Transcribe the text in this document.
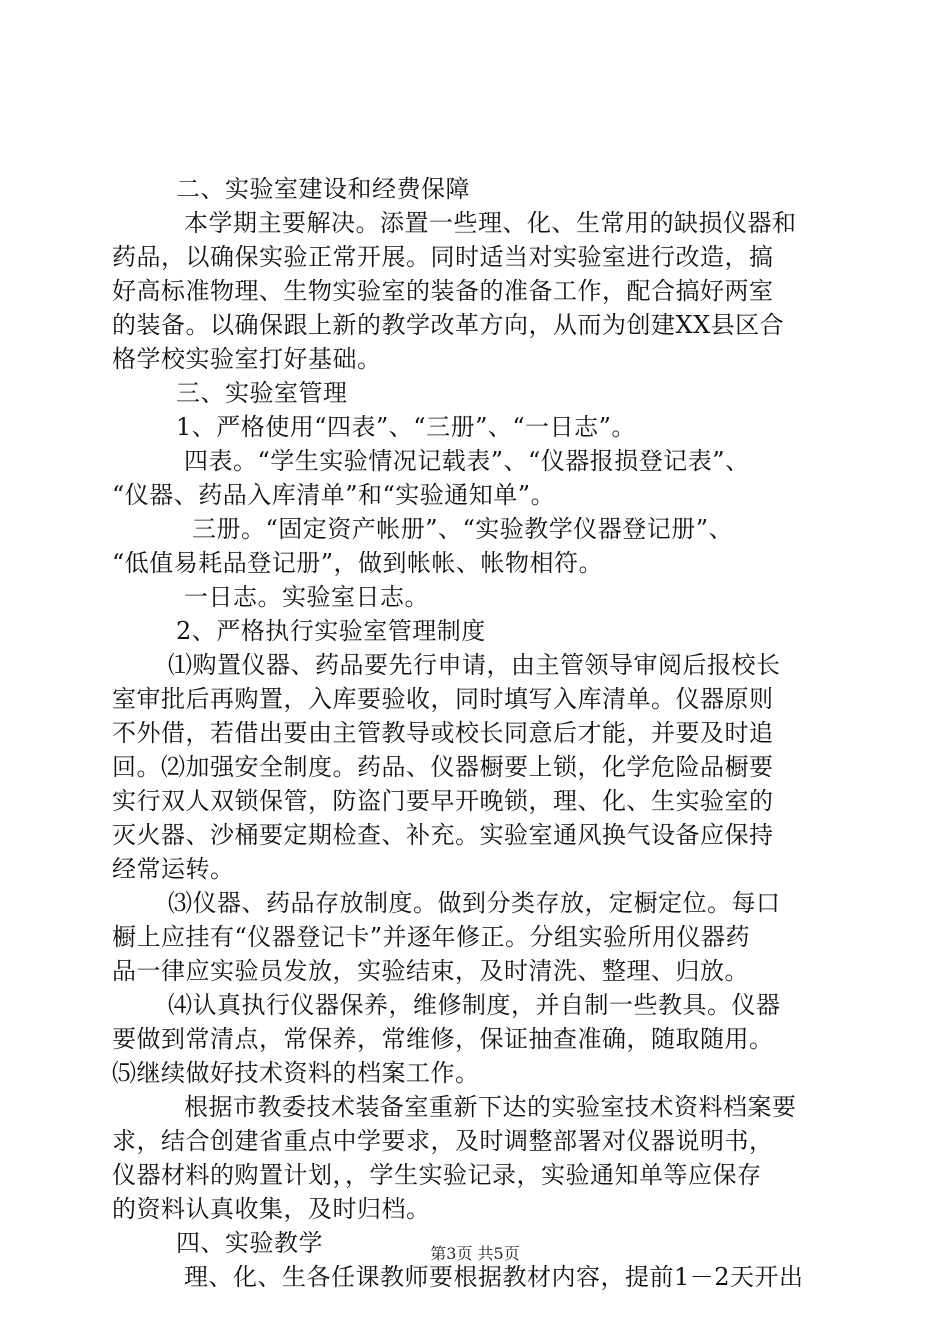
二、实验室建设和经费保障
本学期主要解决。添置一些理、化、生常用的缺损仪器和
药品，以确保实验正常开展。同时适当对实验室进行改造，搞
好高标准物理、生物实验室的装备的准备工作，配合搞好两室
的装备。以确保跟上新的教学改革方向，从而为创建XX县区合
格学校实验室打好基础。
三、实验室管理
1、严格使用“四表”、“三册”、“一日志”。
四表。“学生实验情况记载表”、“仪器报损登记表”、
“仪器、药品入库清单”和“实验通知单”。
三册。“固定资产帐册”、“实验教学仪器登记册”、
“低值易耗品登记册”，做到帐帐、帐物相符。
一日志。实验室日志。
2、严格执行实验室管理制度
⑴购置仪器、药品要先行申请，由主管领导审阅后报校长
室审批后再购置，入库要验收，同时填写入库清单。仪器原则
不外借，若借出要由主管教导或校长同意后才能，并要及时追
回。⑵加强安全制度。药品、仪器橱要上锁，化学危险品橱要
实行双人双锁保管，防盗门要早开晚锁，理、化、生实验室的
灭火器、沙桶要定期检查、补充。实验室通风换气设备应保持
经常运转。
⑶仪器、药品存放制度。做到分类存放，定橱定位。每口
橱上应挂有“仪器登记卡”并逐年修正。分组实验所用仪器药
品一律应实验员发放，实验结束，及时清洗、整理、归放。
⑷认真执行仪器保养，维修制度，并自制一些教具。仪器
要做到常清点，常保养，常维修，保证抽查准确，随取随用。
⑸继续做好技术资料的档案工作。
根据市教委技术装备室重新下达的实验室技术资料档案要
求，结合创建省重点中学要求，及时调整部署对仪器说明书，
仪器材料的购置计划，，学生实验记录，实验通知单等应保存
的资料认真收集，及时归档。
四、实验教学
理、化、生各任课教师要根据教材内容，提前1－2天开出
第3页 共5页
